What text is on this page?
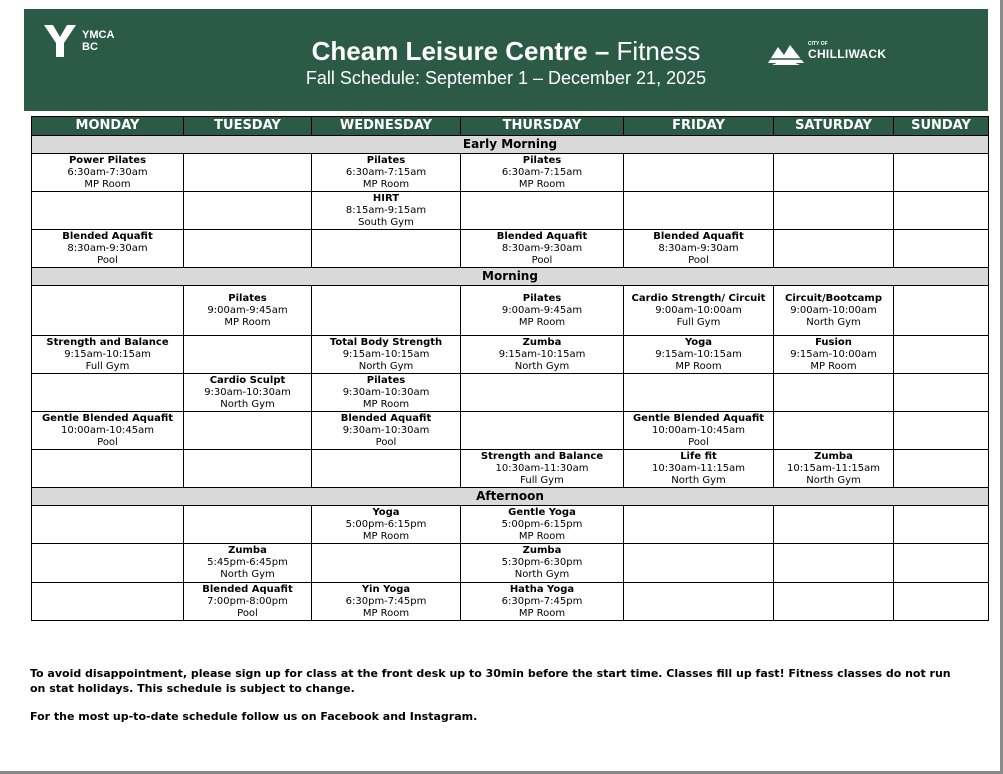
YMCA
BC	Cheam Leisure Centre – Fitness
Fall Schedule: September 1 – December 21, 2025
CITY OF
CHILLIWACK
MONDAY	TUESDAY	WEDNESDAY	THURSDAY	FRIDAY	SATURDAY	SUNDAY
Early Morning						

Power Pilates
6:30am-7:30am
MP Room		Pilates
6:30am-7:15am
MP Room	Pilates
6:30am-7:15am
MP Room			

		HIRT
8:15am-9:15am
South Gym				

Blended Aquafit
8:30am-9:30am
Pool			Blended Aquafit
8:30am-9:30am
Pool	Blended Aquafit
8:30am-9:30am
Pool		

Morning						

	Pilates
9:00am-9:45am
MP Room		Pilates
9:00am-9:45am
MP Room	Cardio Strength/ Circuit
9:00am-10:00am
Full Gym	Circuit/Bootcamp
9:00am-10:00am
North Gym	

Strength and Balance
9:15am-10:15am
Full Gym		Total Body Strength
9:15am-10:15am
North Gym	Zumba
9:15am-10:15am
North Gym	Yoga
9:15am-10:15am
MP Room	Fusion
9:15am-10:00am
MP Room	

	Cardio Sculpt
9:30am-10:30am
North Gym	Pilates
9:30am-10:30am
MP Room				

Gentle Blended Aquafit
10:00am-10:45am
Pool		Blended Aquafit
9:30am-10:30am
Pool		Gentle Blended Aquafit
10:00am-10:45am
Pool		

			Strength and Balance
10:30am-11:30am
Full Gym	Life fit
10:30am-11:15am
North Gym	Zumba
10:15am-11:15am
North Gym	

Afternoon						

		Yoga
5:00pm-6:15pm
MP Room	Gentle Yoga
5:00pm-6:15pm
MP Room			

	Zumba
5:45pm-6:45pm
North Gym		Zumba
5:30pm-6:30pm
North Gym			

	Blended Aquafit
7:00pm-8:00pm
Pool	Yin Yoga
6:30pm-7:45pm
MP Room	Hatha Yoga
6:30pm-7:45pm
MP Room			

To avoid disappointment, please sign up for class at the front desk up to 30min before the start time. Classes fill up fast! Fitness classes do not run on stat holidays. This schedule is subject to change.

For the most up-to-date schedule follow us on Facebook and Instagram.
